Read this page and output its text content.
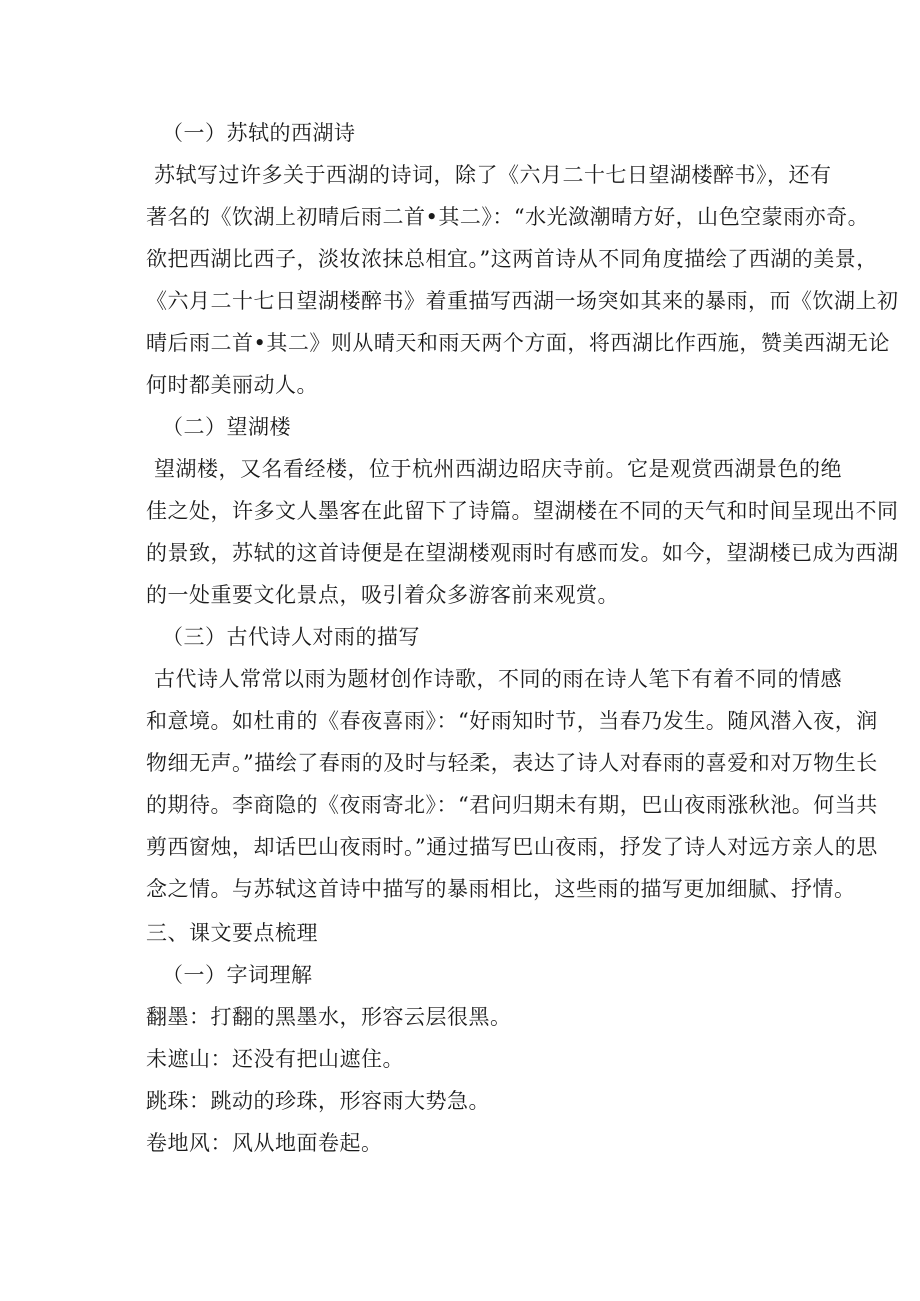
（一）苏轼的西湖诗
苏轼写过许多关于西湖的诗词，除了《六月二十七日望湖楼醉书》，还有
著名的《饮湖上初晴后雨二首•其二》：“水光潋潮晴方好，山色空蒙雨亦奇。
欲把西湖比西子，淡妆浓抹总相宜。”这两首诗从不同角度描绘了西湖的美景，
《六月二十七日望湖楼醉书》着重描写西湖一场突如其来的暴雨，而《饮湖上初
晴后雨二首•其二》则从晴天和雨天两个方面，将西湖比作西施，赞美西湖无论
何时都美丽动人。
（二）望湖楼
望湖楼，又名看经楼，位于杭州西湖边昭庆寺前。它是观赏西湖景色的绝
佳之处，许多文人墨客在此留下了诗篇。望湖楼在不同的天气和时间呈现出不同
的景致，苏轼的这首诗便是在望湖楼观雨时有感而发。如今，望湖楼已成为西湖
的一处重要文化景点，吸引着众多游客前来观赏。
（三）古代诗人对雨的描写
古代诗人常常以雨为题材创作诗歌，不同的雨在诗人笔下有着不同的情感
和意境。如杜甫的《春夜喜雨》：“好雨知时节，当春乃发生。随风潜入夜，润
物细无声。”描绘了春雨的及时与轻柔，表达了诗人对春雨的喜爱和对万物生长
的期待。李商隐的《夜雨寄北》：“君问归期未有期，巴山夜雨涨秋池。何当共
剪西窗烛，却话巴山夜雨时。”通过描写巴山夜雨，抒发了诗人对远方亲人的思
念之情。与苏轼这首诗中描写的暴雨相比，这些雨的描写更加细腻、抒情。
三、课文要点梳理
（一）字词理解
翻墨：打翻的黑墨水，形容云层很黑。
未遮山：还没有把山遮住。
跳珠：跳动的珍珠，形容雨大势急。
卷地风：风从地面卷起。
